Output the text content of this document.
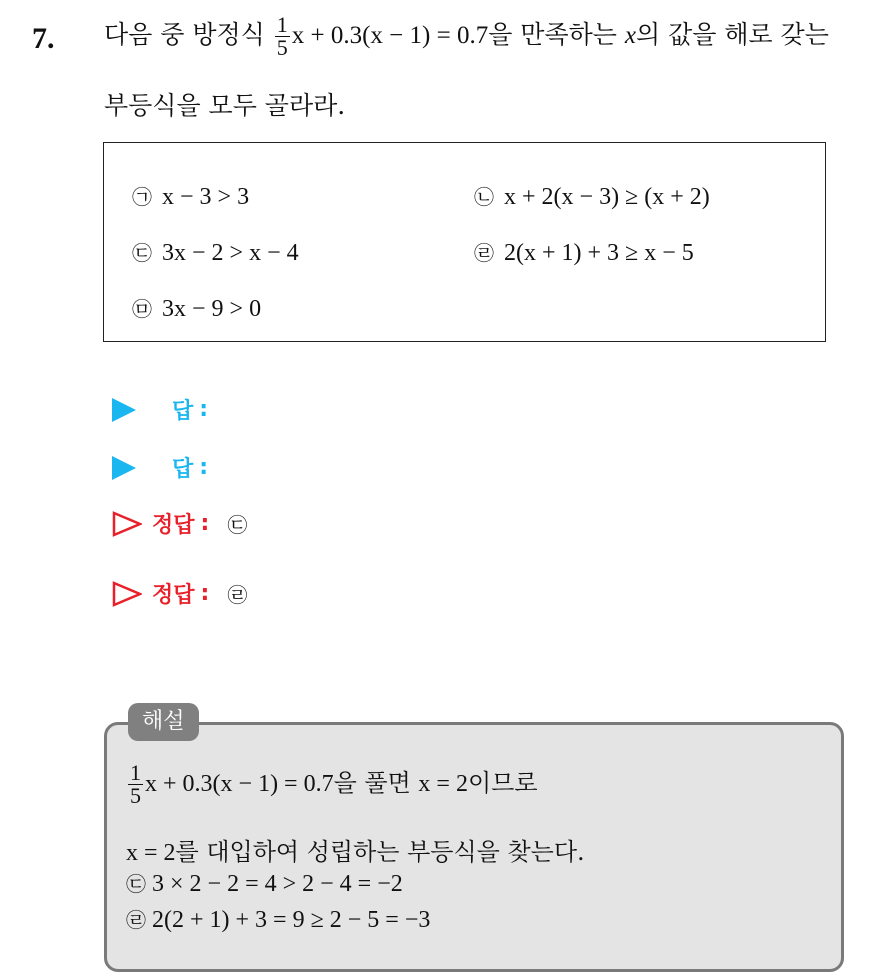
7. 다음 중 방정식 $\frac{1}{5}$ x + 0.3(x − 1) = 0.7을 만족하는 x의 값을 해로 갖는
부등식을 모두 골라라.
㉠ x − 3 > 3	㉡ x + 2(x − 3) ≥ (x + 2)
㉢ 3x − 2 > x − 4	㉣ 2(x + 1) + 3 ≥ x − 5
㉤ 3x − 9 > 0
답 :
답 :
정답 : ㉢
정답 : ㉣
해설
$\frac{1}{5}$ x + 0.3(x − 1) = 0.7을 풀면 x = 2이므로
x = 2를 대입하여 성립하는 부등식을 찾는다.
㉢ 3 × 2 − 2 = 4 > 2 − 4 = −2
㉣ 2(2 + 1) + 3 = 9 ≥ 2 − 5 = −3
